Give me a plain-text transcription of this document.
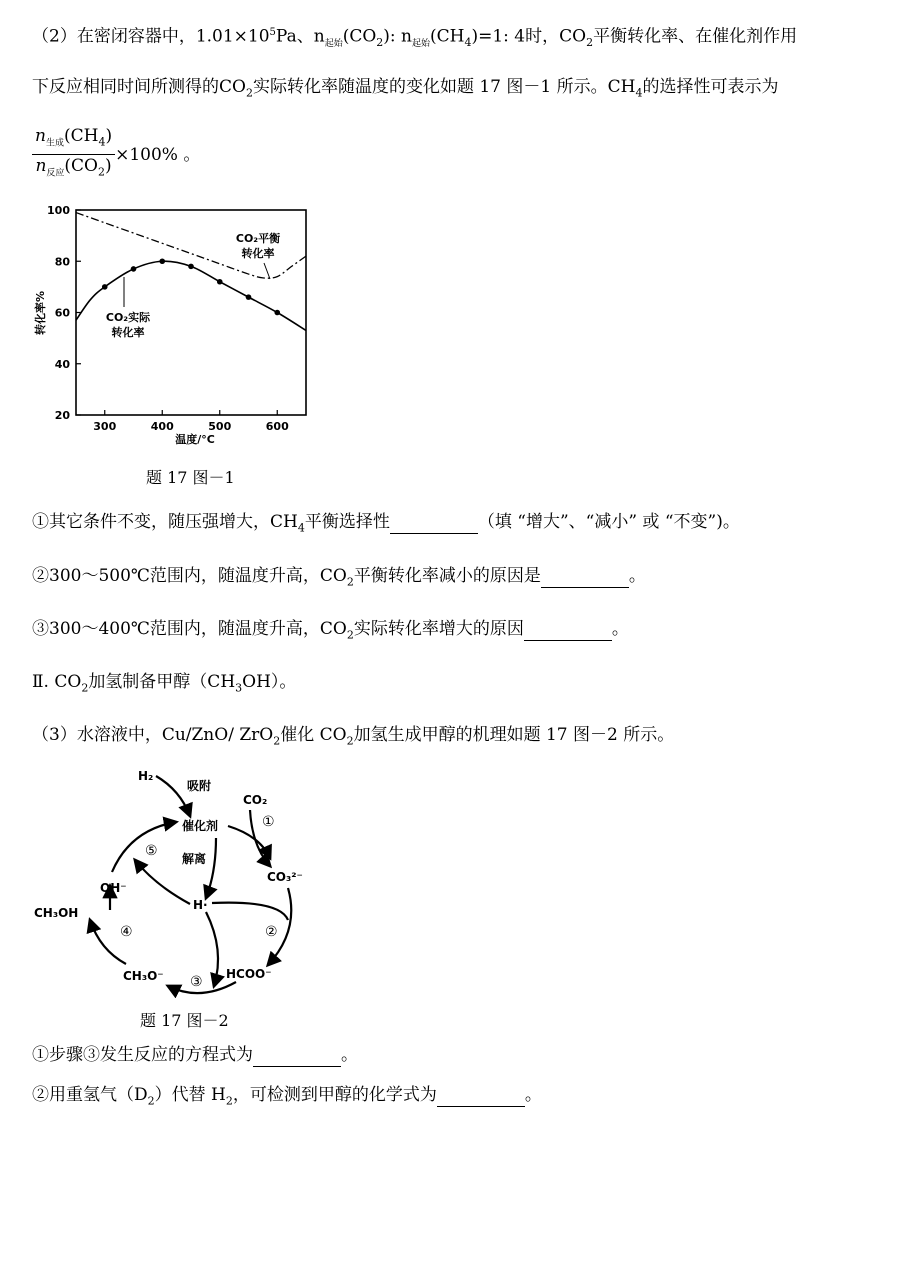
（2）在密闭容器中，$1.01\times 10^5Pa$、$n_{起始}(CO_2)$: $n_{起始}(CH_4)=1$: 4时，$CO_2$平衡转化率、在催化剂作用
下反应相同时间所测得的$CO_2$实际转化率随温度的变化如题 17 图－1 所示。$CH_4$的选择性可表示为
$\frac{n_{生成}(CH_4)}{n_{反应}(CO_2)} \times 100\%$ 。
20
40
60
80
100
300	400	500	600
CO₂平衡
转化率
CO₂实际
转化率
温度/°C
转化率%
题 17 图－1
①其它条件不变，随压强增大，$CH_4$平衡选择性	（填 “增大”、“减小” 或 “不变”)。
②300～500℃范围内，随温度升高，$CO_2$平衡转化率减小的原因是	。
③300～400℃范围内，随温度升高，$CO_2$实际转化率增大的原因	。
Ⅱ. $CO_2$加氢制备甲醇$(CH_3OH)$。
（3）水溶液中，Cu/ZnO/ ZrO$_2$催化 $CO_2$加氢生成甲醇的机理如题 17 图－2 所示。
H₂
吸附
催化剂
解离
CO₂
CO₃²⁻
H·
OH⁻
CH₃OH
HCOO⁻
CH₃O⁻
①
②
③
④
⑤
题 17 图－2
①步骤③发生反应的方程式为	。
②用重氢气$(D_2)$代替 $H_2$，可检测到甲醇的化学式为	。
